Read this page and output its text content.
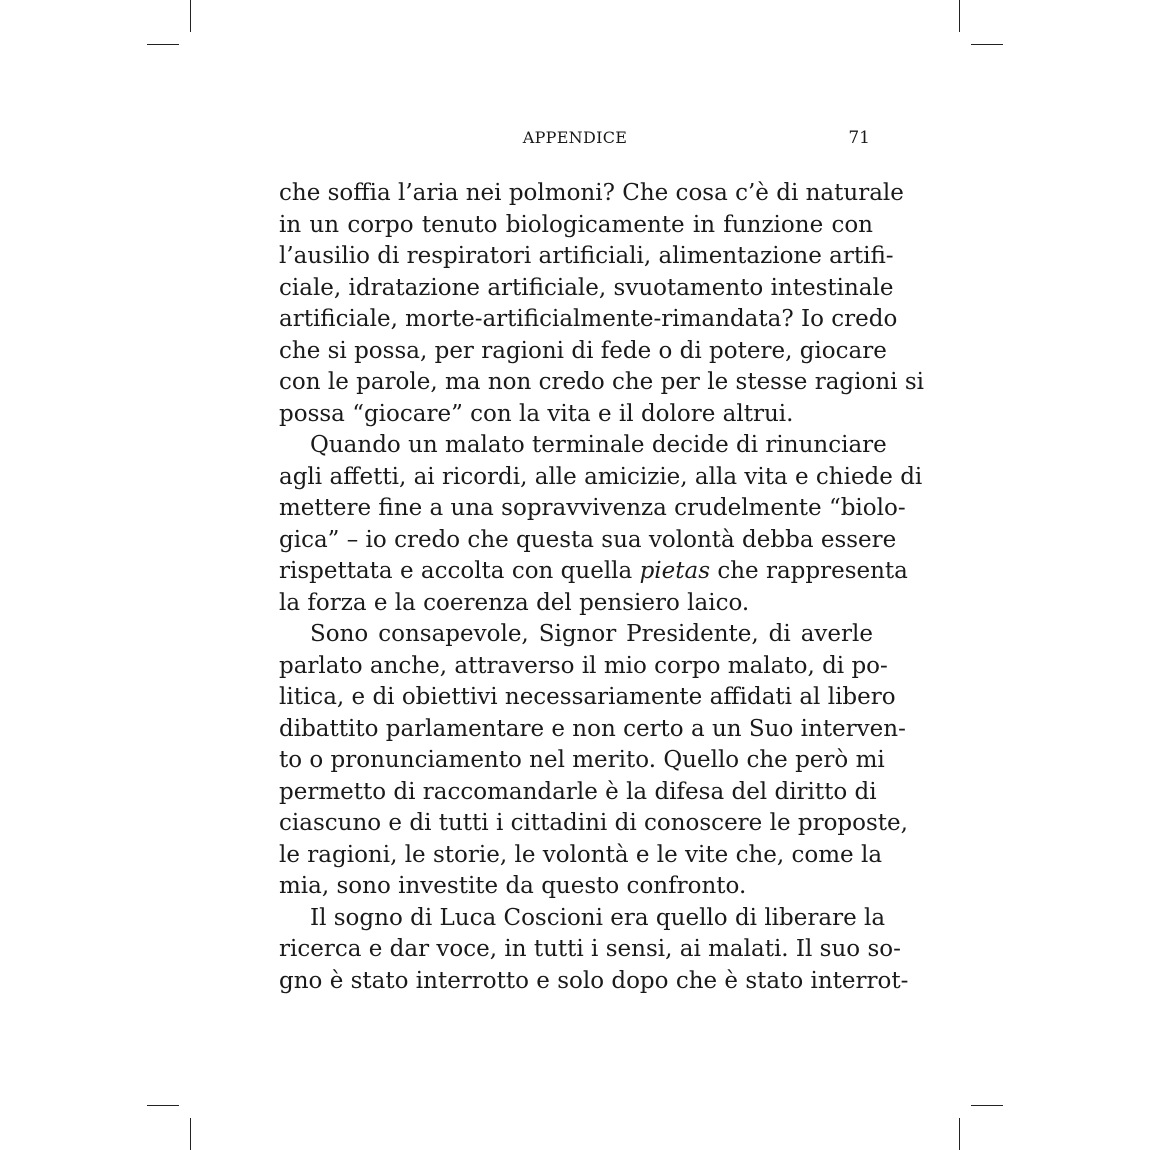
APPENDICE	71
che soffia l’aria nei polmoni? Che cosa c’è di naturale
in un corpo tenuto biologicamente in funzione con
l’ausilio di respiratori artificiali, alimentazione artifi-
ciale, idratazione artificiale, svuotamento intestinale
artificiale, morte-artificialmente-rimandata? Io credo
che si possa, per ragioni di fede o di potere, giocare
con le parole, ma non credo che per le stesse ragioni si
possa “giocare” con la vita e il dolore altrui.
Quando un malato terminale decide di rinunciare
agli affetti, ai ricordi, alle amicizie, alla vita e chiede di
mettere fine a una sopravvivenza crudelmente “biolo-
gica” – io credo che questa sua volontà debba essere
rispettata e accolta con quella pietas che rappresenta
la forza e la coerenza del pensiero laico.
Sono consapevole, Signor Presidente, di averle
parlato anche, attraverso il mio corpo malato, di po-
litica, e di obiettivi necessariamente affidati al libero
dibattito parlamentare e non certo a un Suo interven-
to o pronunciamento nel merito. Quello che però mi
permetto di raccomandarle è la difesa del diritto di
ciascuno e di tutti i cittadini di conoscere le proposte,
le ragioni, le storie, le volontà e le vite che, come la
mia, sono investite da questo confronto.
Il sogno di Luca Coscioni era quello di liberare la
ricerca e dar voce, in tutti i sensi, ai malati. Il suo so-
gno è stato interrotto e solo dopo che è stato interrot-
